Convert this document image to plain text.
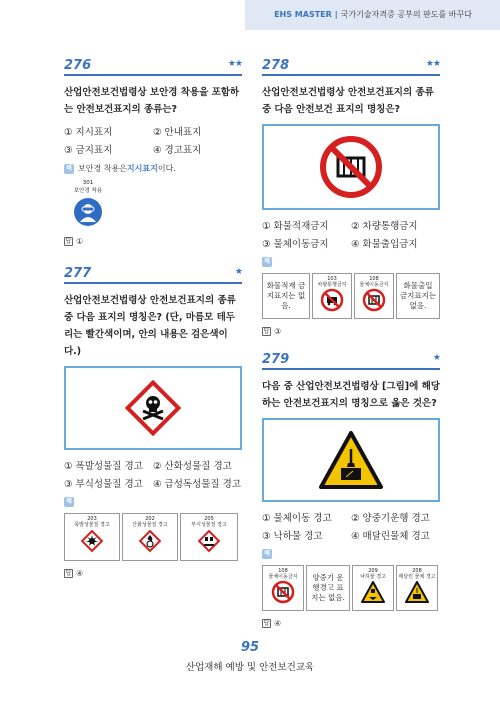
EHS MASTER | 국가기술자격증 공부의 판도를 바꾸다
276	★★
산업안전보건법령상 보안경 착용을 포함하는 안전보건표지의 종류는?
① 지시표지	② 안내표지
③ 금지표지	④ 경고표지
해 보안경 착용은 지시표지 이다.
301
보안경 착용
답 ①
277	★
산업안전보건법령상 안전보건표지의 종류 중 다음 표지의 명칭은? (단, 마름모 테두리는 빨간색이며, 안의 내용은 검은색이다.)
① 폭발성물질 경고	② 산화성물질 경고
③ 부식성물질 경고	④ 급성독성물질 경고
해
203
폭발성물질 경고
202
산화성물질 경고
205
부식성물질 경고
답 ④
278	★★
산업안전보건법령상 안전보건표지의 종류 중 다음 안전보건 표지의 명칭은?
① 화물적재금지	② 차량통행금지
③ 물체이동금지	④ 화물출입금지
해
화물적재 금지표지는 없음.
103
차량통행금지
108
물체이동금지	화물출입 금지표지는 없음.
답 ③
279	★
다음 중 산업안전보건법령상 [그림]에 해당하는 안전보건표지의 명칭으로 옳은 것은?
① 물체이동 경고	② 양중기운행 경고
③ 낙하물 경고	④ 매달린물체 경고
해
108
물체이동금지	양중기 운행경고 표지는 없음.
209
낙하물 경고
208
매달린 물체 경고
답 ④
95
산업재해 예방 및 안전보건교육
